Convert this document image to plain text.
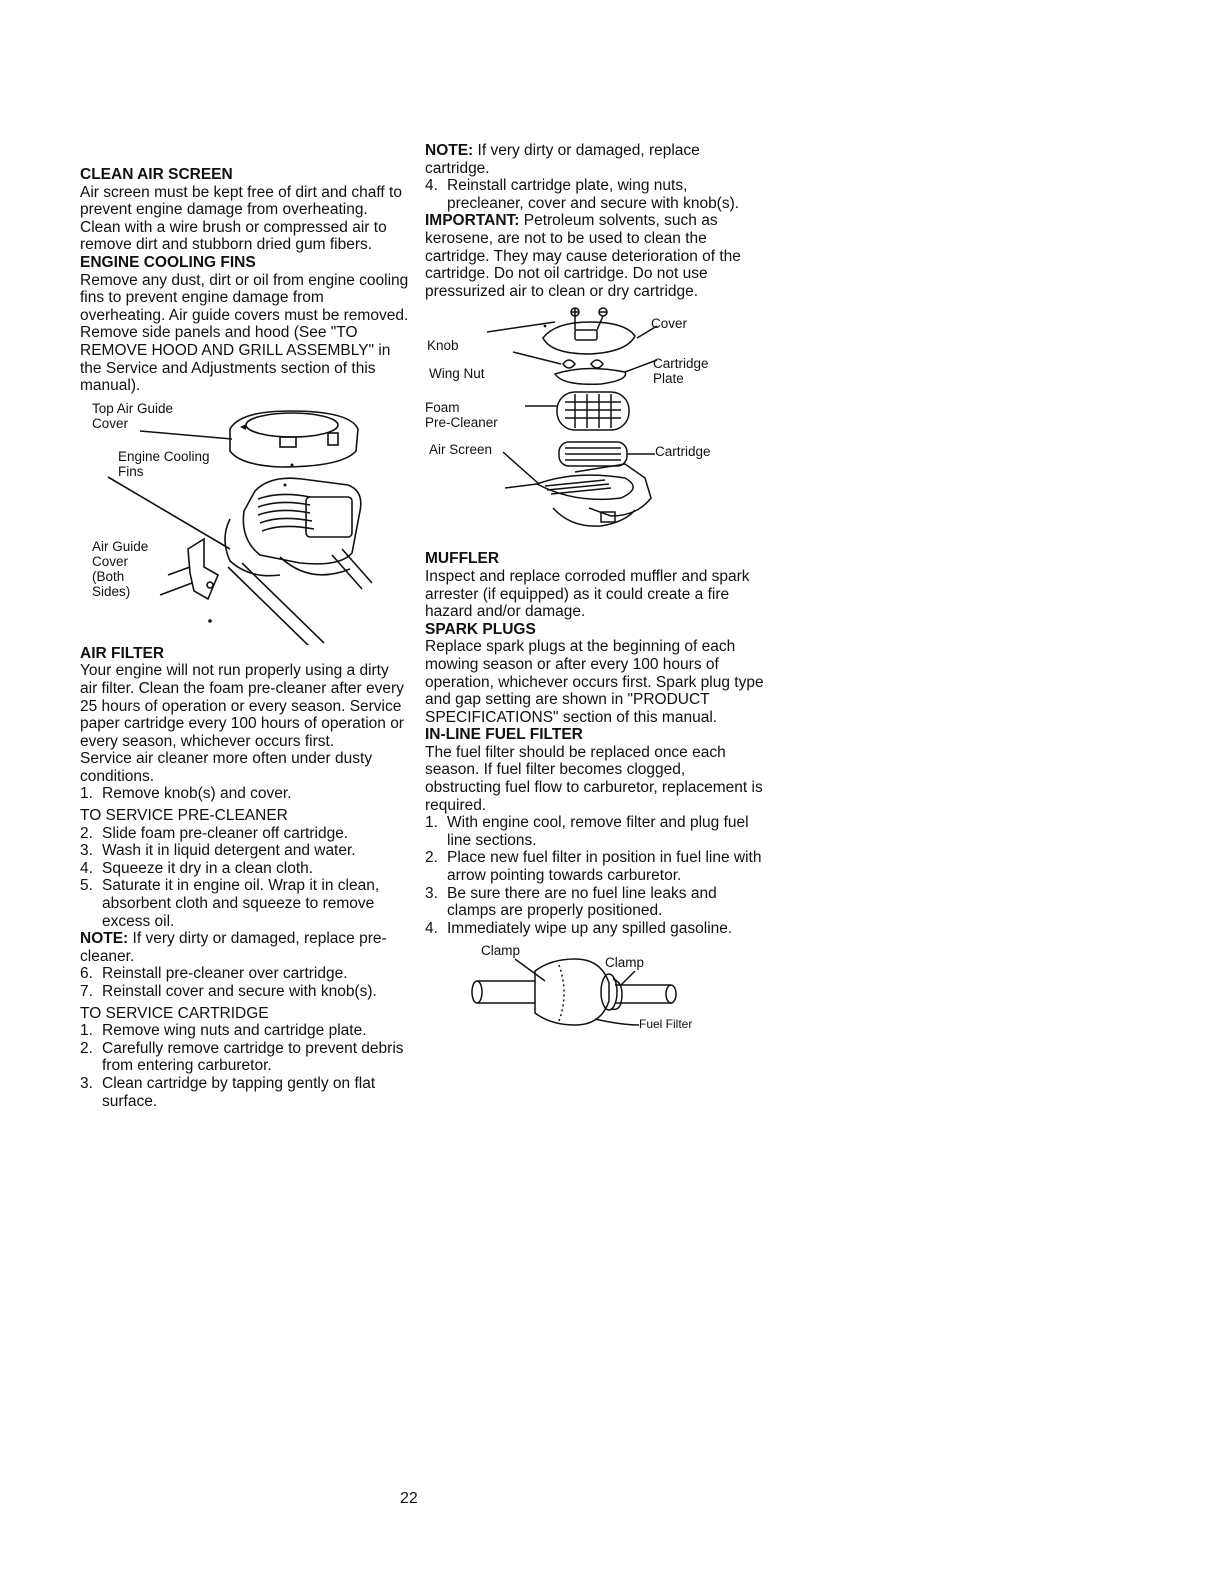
CLEAN AIR SCREEN

Air screen must be kept free of dirt and chaff to prevent engine damage from overheating. Clean with a wire brush or compressed air to remove dirt and stubborn dried gum fibers.

ENGINE COOLING FINS

Remove any dust, dirt or oil from engine cooling fins to prevent engine damage from overheating. Air guide covers must be removed. Remove side panels and hood (See "TO REMOVE HOOD AND GRILL ASSEMBLY" in the Service and Adjustments section of this manual).

Top Air Guide
Cover
Engine Cooling
Fins
Air Guide
Cover
(Both
Sides)
AIR FILTER

Your engine will not run properly using a dirty air filter. Clean the foam pre-cleaner after every 25 hours of operation or every season. Service paper cartridge every 100 hours of operation or every season, whichever occurs first.

Service air cleaner more often under dusty conditions.

1. Remove knob(s) and cover.
TO SERVICE PRE-CLEANER
2. Slide foam pre-cleaner off cartridge.
3. Wash it in liquid detergent and water.
4. Squeeze it dry in a clean cloth.
5. Saturate it in engine oil. Wrap it in clean, absorbent cloth and squeeze to remove excess oil.

NOTE: If very dirty or damaged, replace pre-cleaner.

6. Reinstall pre-cleaner over cartridge.
7. Reinstall cover and secure with knob(s).
TO SERVICE CARTRIDGE
1. Remove wing nuts and cartridge plate.
2. Carefully remove cartridge to prevent debris from entering carburetor.
3. Clean cartridge by tapping gently on flat surface.

NOTE: If very dirty or damaged, replace cartridge.

4. Reinstall cartridge plate, wing nuts, precleaner, cover and secure with knob(s).

IMPORTANT: Petroleum solvents, such as kerosene, are not to be used to clean the cartridge. They may cause deterioration of the cartridge. Do not oil cartridge. Do not use pressurized air to clean or dry cartridge.

Knob
Cover
Wing Nut
Cartridge
Plate
Foam
Pre-Cleaner
Cartridge
Air Screen
MUFFLER

Inspect and replace corroded muffler and spark arrester (if equipped) as it could create a fire hazard and/or damage.

SPARK PLUGS

Replace spark plugs at the beginning of each mowing season or after every 100 hours of operation, whichever occurs first. Spark plug type and gap setting are shown in "PRODUCT SPECIFICATIONS" section of this manual.

IN-LINE FUEL FILTER

The fuel filter should be replaced once each season. If fuel filter becomes clogged, obstructing fuel flow to carburetor, replacement is required.

1. With engine cool, remove filter and plug fuel line sections.
2. Place new fuel filter in position in fuel line with arrow pointing towards carburetor.
3. Be sure there are no fuel line leaks and clamps are properly positioned.
4. Immediately wipe up any spilled gasoline.
Clamp
Clamp
Fuel Filter
22
